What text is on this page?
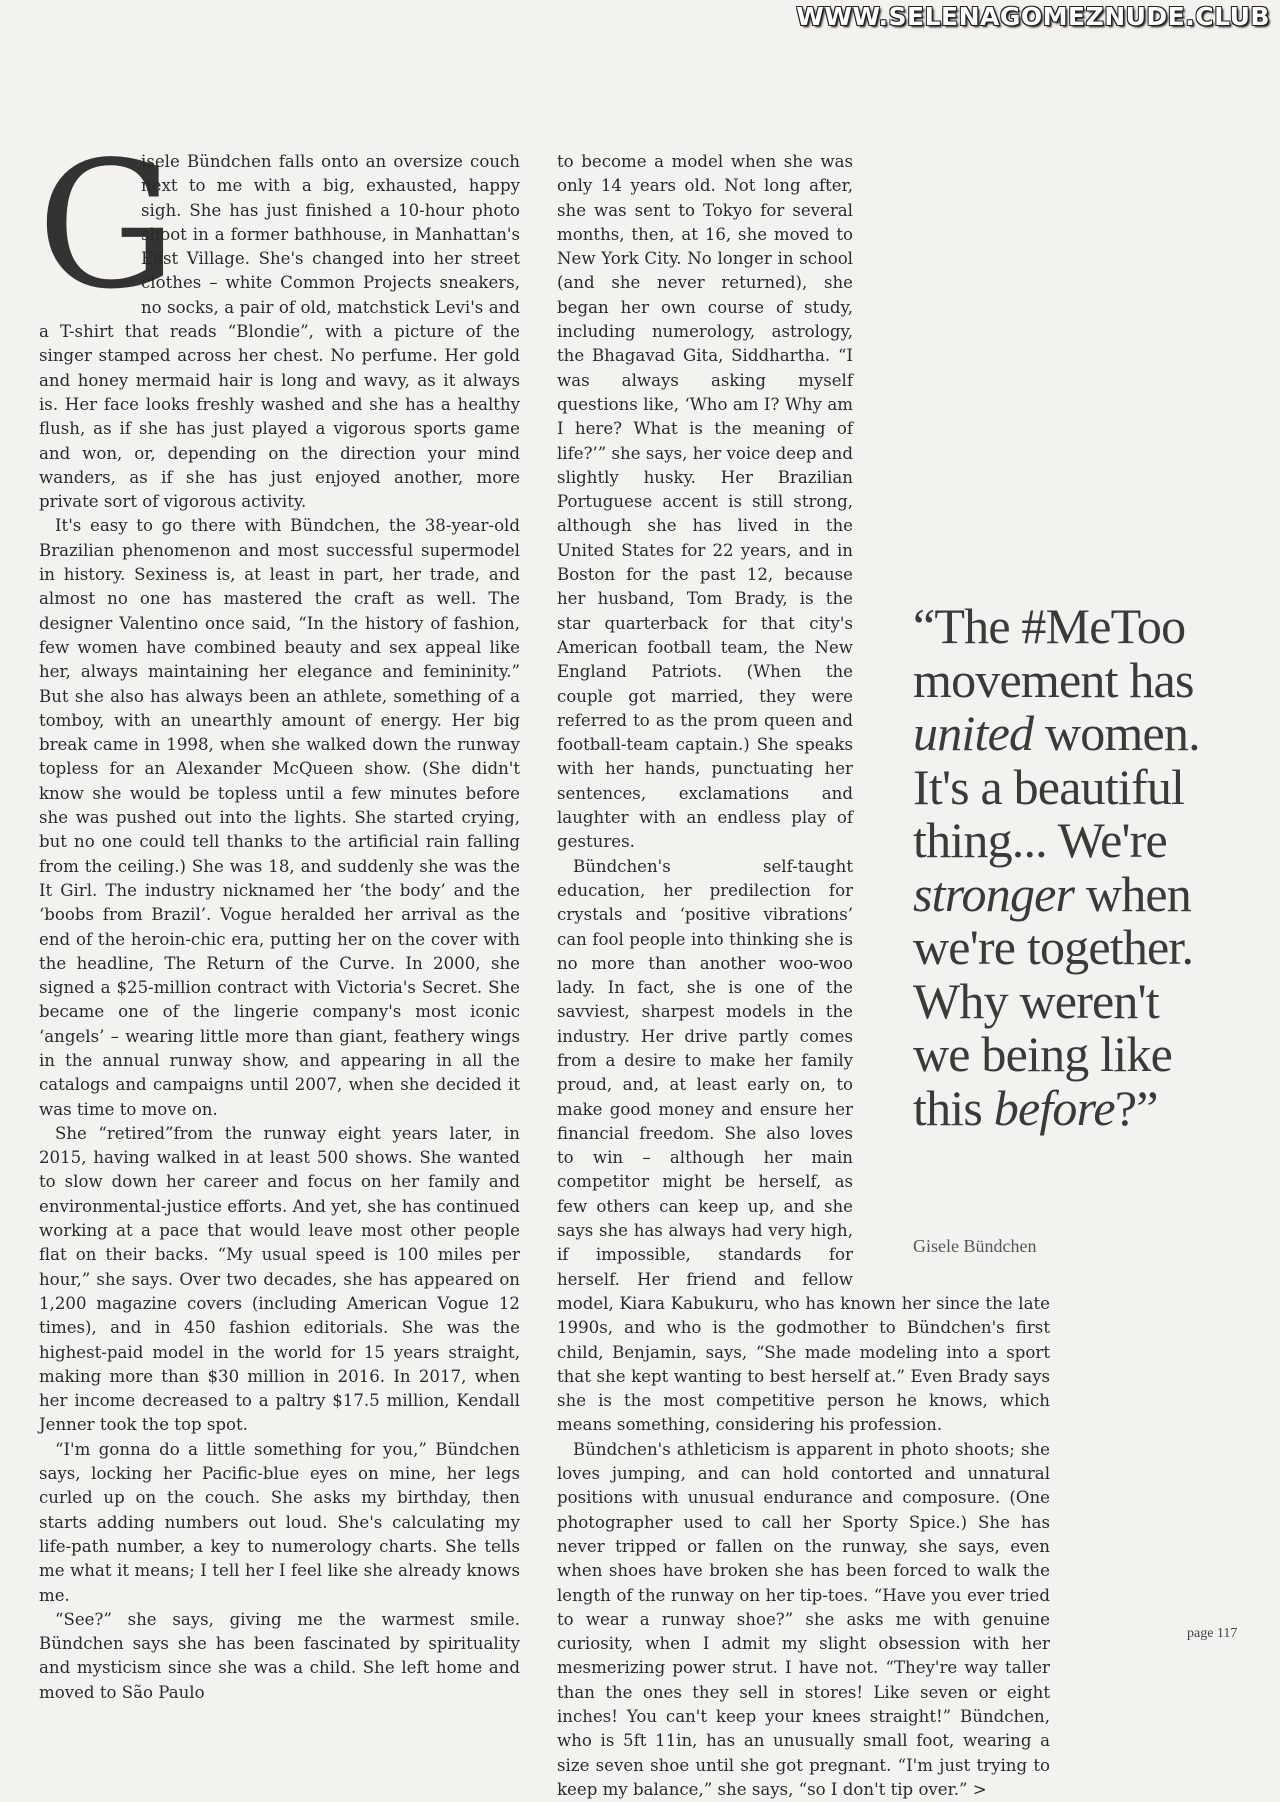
WWW.SELENAGOMEZNUDE.CLUB
G

isele Bündchen falls onto an oversize couch next to me with a big, exhausted, happy sigh. She has just finished a 10-hour photo shoot in a former bathhouse, in Manhattan's East Village. She's changed into her street clothes – white Common Projects sneakers, no socks, a pair of old, matchstick Levi's and a T-shirt that reads “Blondie”, with a picture of the singer stamped across her chest. No perfume. Her gold and honey mermaid hair is long and wavy, as it always is. Her face looks freshly washed and she has a healthy flush, as if she has just played a vigorous sports game and won, or, depending on the direction your mind wanders, as if she has just enjoyed another, more private sort of vigorous activity.

It's easy to go there with Bündchen, the 38-year-old Brazilian phenomenon and most successful supermodel in history. Sexiness is, at least in part, her trade, and almost no one has mastered the craft as well. The designer Valentino once said, “In the history of fashion, few women have combined beauty and sex appeal like her, always maintaining her elegance and femininity.” But she also has always been an athlete, something of a tomboy, with an unearthly amount of energy. Her big break came in 1998, when she walked down the runway topless for an Alexander McQueen show. (She didn't know she would be topless until a few minutes before she was pushed out into the lights. She started crying, but no one could tell thanks to the artificial rain falling from the ceiling.) She was 18, and suddenly she was the It Girl. The industry nicknamed her ‘the body’ and the ‘boobs from Brazil’. Vogue heralded her arrival as the end of the heroin-chic era, putting her on the cover with the headline, The Return of the Curve. In 2000, she signed a $25-million contract with Victoria's Secret. She became one of the lingerie company's most iconic ‘angels’ – wearing little more than giant, feathery wings in the annual runway show, and appearing in all the catalogs and campaigns until 2007, when she decided it was time to move on.

She “retired”from the runway eight years later, in 2015, having walked in at least 500 shows. She wanted to slow down her career and focus on her family and environmental-justice efforts. And yet, she has continued working at a pace that would leave most other people flat on their backs. “My usual speed is 100 miles per hour,” she says. Over two decades, she has appeared on 1,200 magazine covers (including American Vogue 12 times), and in 450 fashion editorials. She was the highest-paid model in the world for 15 years straight, making more than $30 million in 2016. In 2017, when her income decreased to a paltry $17.5 million, Kendall Jenner took the top spot.

“I'm gonna do a little something for you,” Bündchen says, locking her Pacific-blue eyes on mine, her legs curled up on the couch. She asks my birthday, then starts adding numbers out loud. She's calculating my life-path number, a key to numerology charts. She tells me what it means; I tell her I feel like she already knows me.

“See?” she says, giving me the warmest smile. Bündchen says she has been fascinated by spirituality and mysticism since she was a child. She left home and moved to São Paulo

to become a model when she was only 14 years old. Not long after, she was sent to Tokyo for several months, then, at 16, she moved to New York City. No longer in school (and she never returned), she began her own course of study, including numerology, astrology, the Bhagavad Gita, Siddhartha. “I was always asking myself questions like, ‘Who am I? Why am I here? What is the meaning of life?’” she says, her voice deep and slightly husky. Her Brazilian Portuguese accent is still strong, although she has lived in the United States for 22 years, and in Boston for the past 12, because her husband, Tom Brady, is the star quarterback for that city's American football team, the New England Patriots. (When the couple got married, they were referred to as the prom queen and football-team captain.) She speaks with her hands, punctuating her sentences, exclamations and laughter with an endless play of gestures.

Bündchen's self-taught education, her predilection for crystals and ‘positive vibrations’ can fool people into thinking she is no more than another woo-woo lady. In fact, she is one of the savviest, sharpest models in the industry. Her drive partly comes from a desire to make her family proud, and, at least early on, to make good money and ensure her financial freedom. She also loves to win – although her main competitor might be herself, as few others can keep up, and she says she has always had very high, if impossible, standards for herself. Her friend and fellow model, Kiara Kabukuru, who has known her since the late 1990s, and who is the godmother to Bündchen's first child, Benjamin, says, “She made modeling into a sport that she kept wanting to best herself at.” Even Brady says she is the most competitive person he knows, which means something, considering his profession.

Bündchen's athleticism is apparent in photo shoots; she loves jumping, and can hold contorted and unnatural positions with unusual endurance and composure. (One photographer used to call her Sporty Spice.) She has never tripped or fallen on the runway, she says, even when shoes have broken she has been forced to walk the length of the runway on her tip-toes. “Have you ever tried to wear a runway shoe?” she asks me with genuine curiosity, when I admit my slight obsession with her mesmerizing power strut. I have not. “They're way taller than the ones they sell in stores! Like seven or eight inches! You can't keep your knees straight!” Bündchen, who is 5ft 11in, has an unusually small foot, wearing a size seven shoe until she got pregnant. “I'm just trying to keep my balance,” she says, “so I don't tip over.” >

“The #MeToo movement has united women. It's a beautiful thing... We're stronger when we're together. Why weren't we being like this before?”
Gisele Bündchen
page 117
